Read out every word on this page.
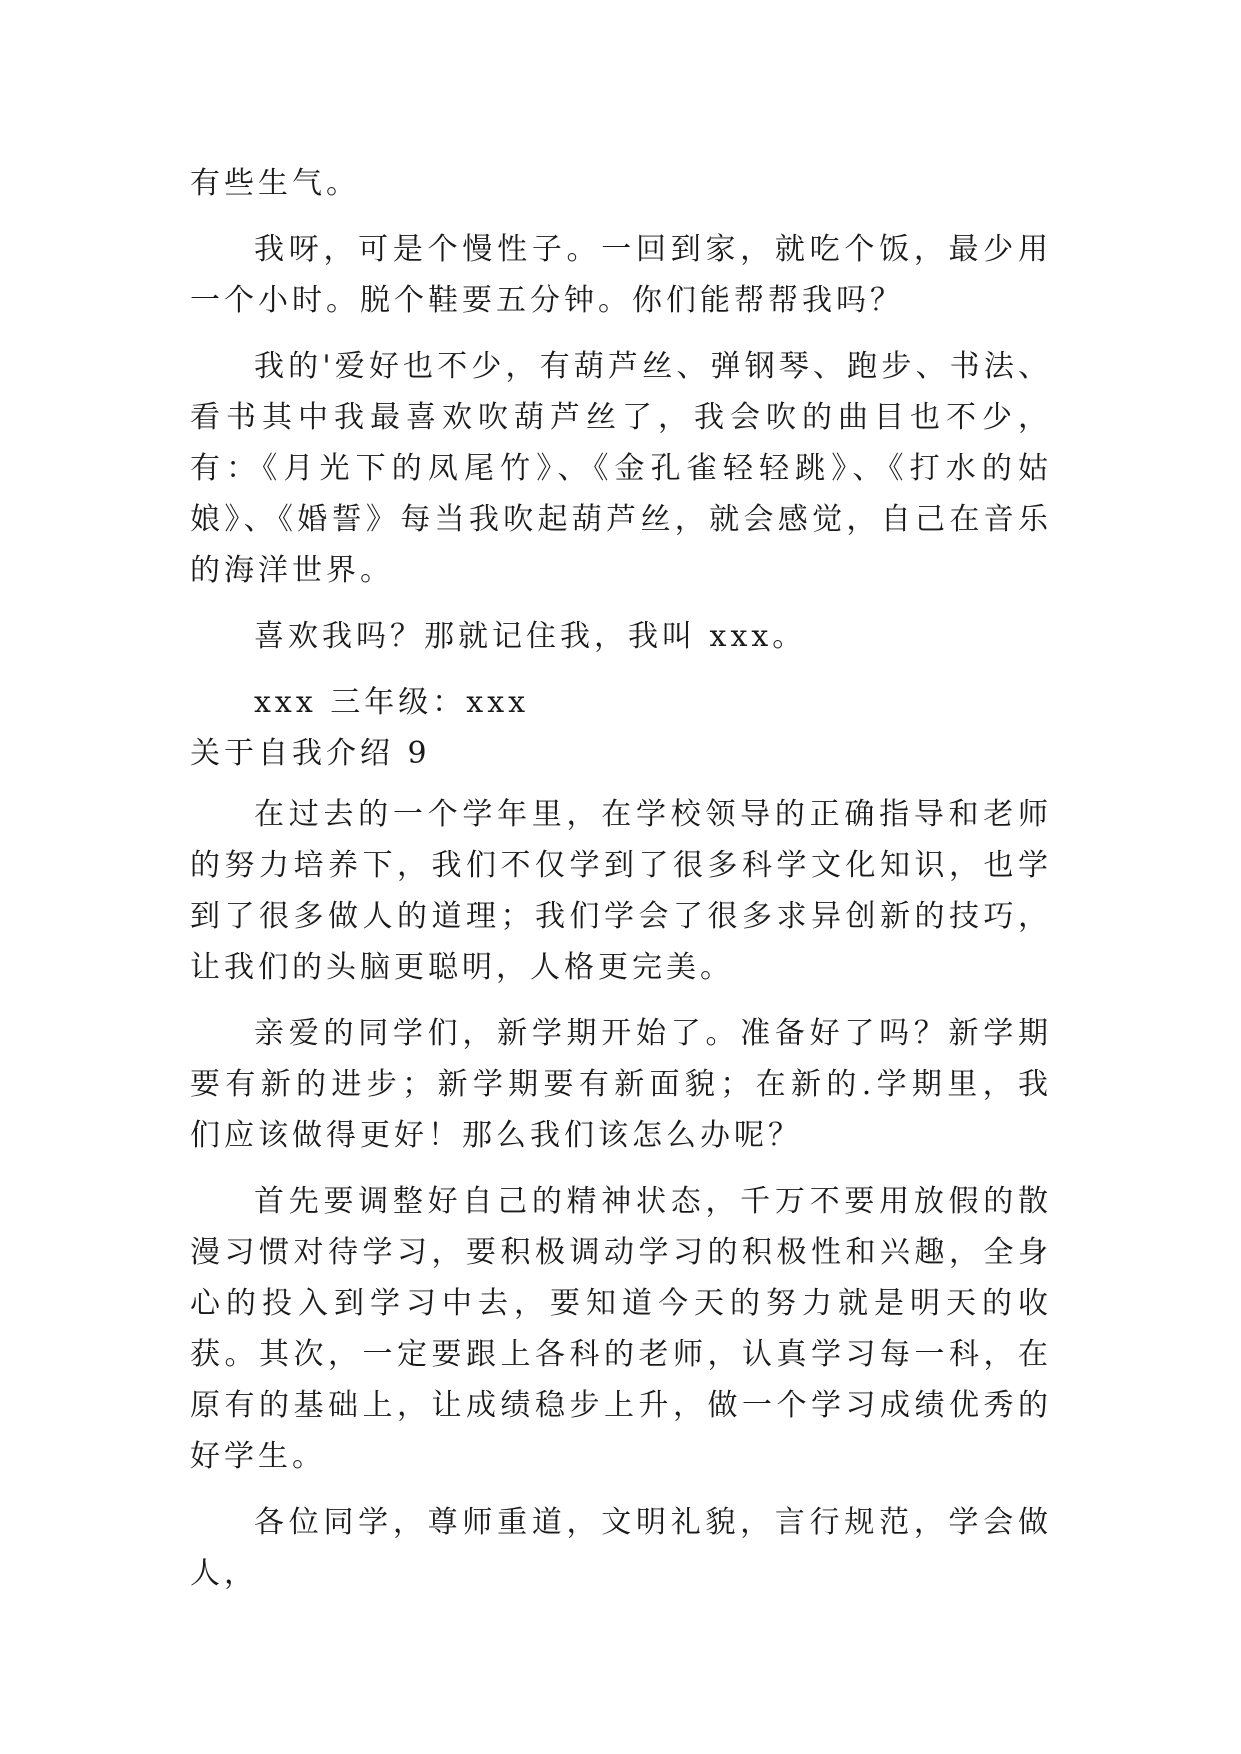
有些生气。

我呀，可是个慢性子。一回到家，就吃个饭，最少用一个小时。脱个鞋要五分钟。你们能帮帮我吗？

我的'爱好也不少，有葫芦丝、弹钢琴、跑步、书法、看书其中我最喜欢吹葫芦丝了，我会吹的曲目也不少，有：《月光下的凤尾竹》、《金孔雀轻轻跳》、《打水的姑娘》、《婚誓》每当我吹起葫芦丝，就会感觉，自己在音乐的海洋世界。

喜欢我吗？那就记住我，我叫 xxx。

xxx 三年级：xxx

关于自我介绍 9

在过去的一个学年里，在学校领导的正确指导和老师的努力培养下，我们不仅学到了很多科学文化知识，也学到了很多做人的道理；我们学会了很多求异创新的技巧，让我们的头脑更聪明，人格更完美。

亲爱的同学们，新学期开始了。准备好了吗？新学期要有新的进步；新学期要有新面貌；在新的.学期里，我们应该做得更好！那么我们该怎么办呢？

首先要调整好自己的精神状态，千万不要用放假的散漫习惯对待学习，要积极调动学习的积极性和兴趣，全身心的投入到学习中去，要知道今天的努力就是明天的收获。其次，一定要跟上各科的老师，认真学习每一科，在原有的基础上，让成绩稳步上升，做一个学习成绩优秀的好学生。

各位同学，尊师重道，文明礼貌，言行规范，学会做人，
